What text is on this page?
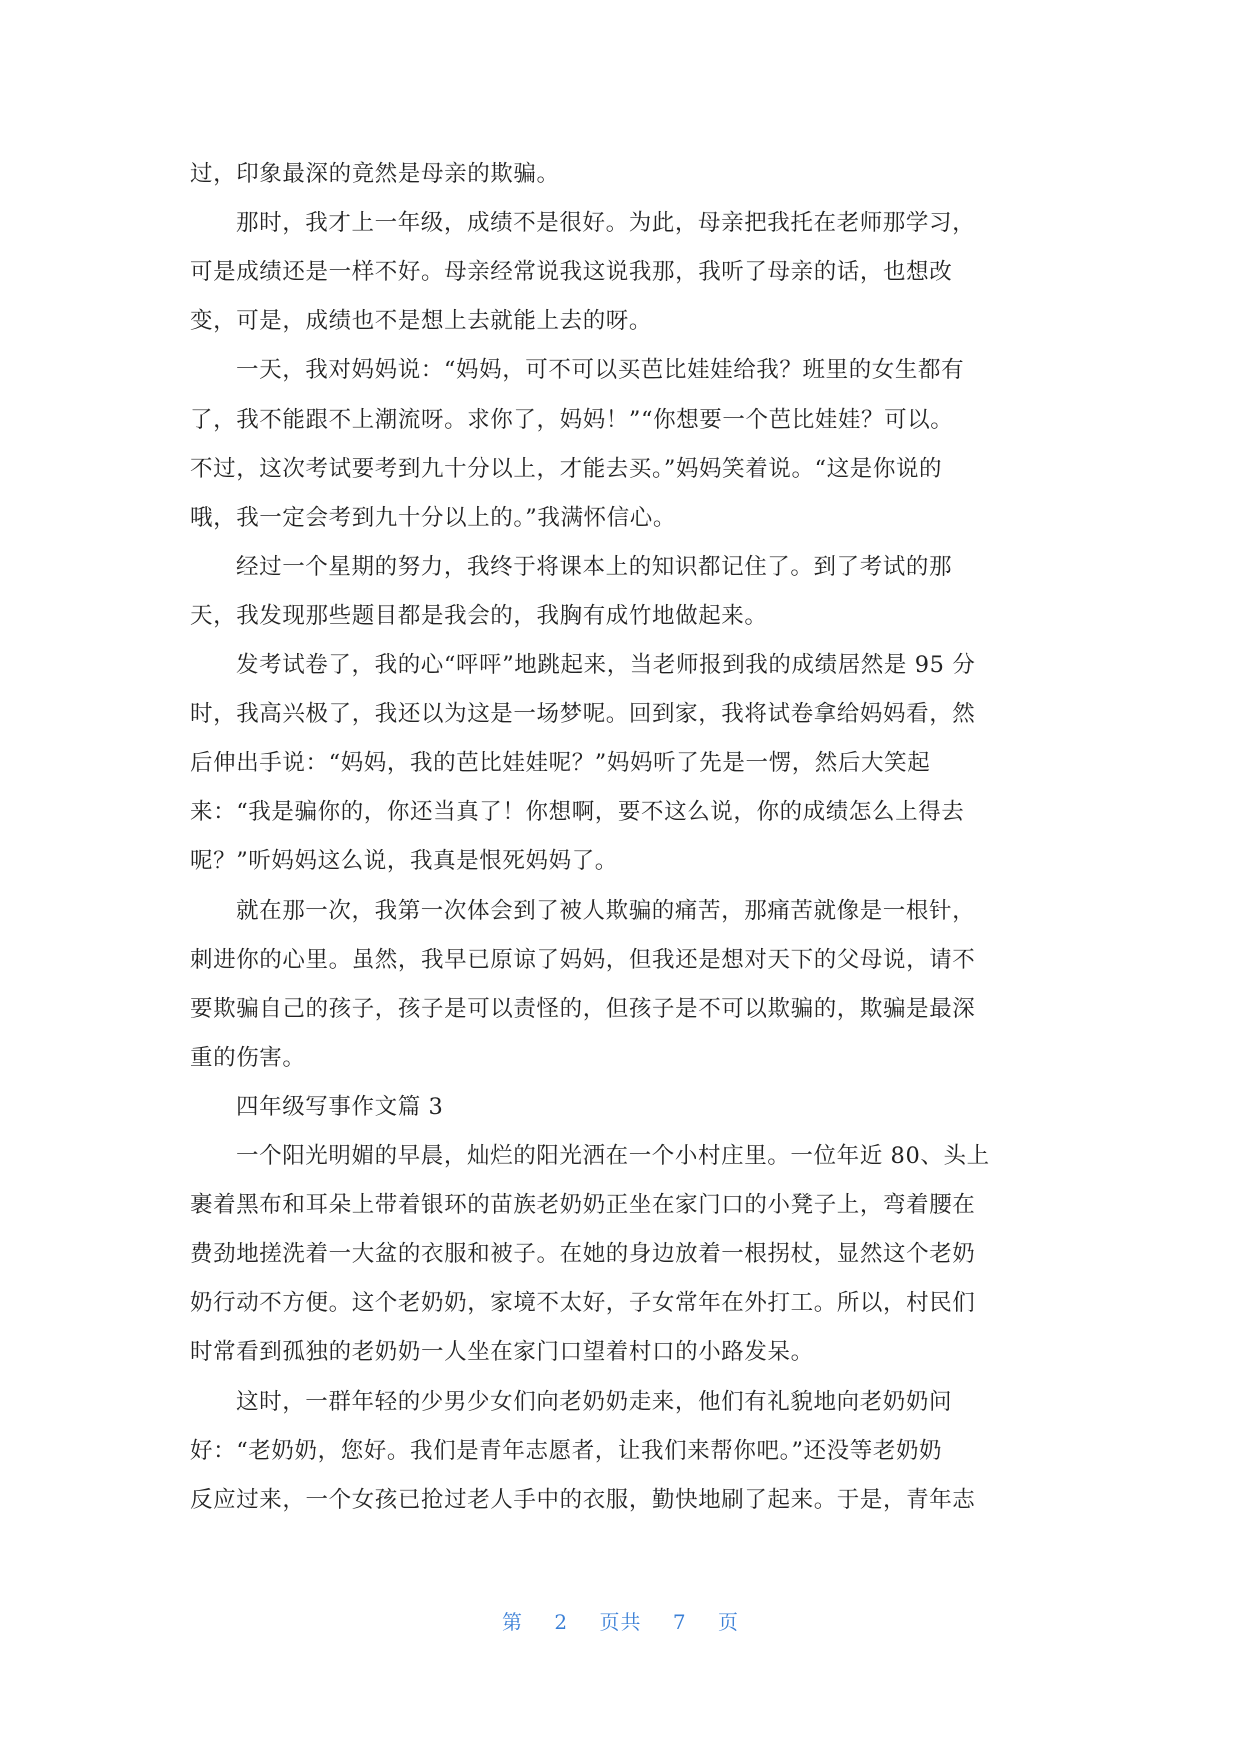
过，印象最深的竟然是母亲的欺骗。
那时，我才上一年级，成绩不是很好。为此，母亲把我托在老师那学习，
可是成绩还是一样不好。母亲经常说我这说我那，我听了母亲的话，也想改
变，可是，成绩也不是想上去就能上去的呀。
一天，我对妈妈说：“妈妈，可不可以买芭比娃娃给我？班里的女生都有
了，我不能跟不上潮流呀。求你了，妈妈！”“你想要一个芭比娃娃？可以。
不过，这次考试要考到九十分以上，才能去买。”妈妈笑着说。“这是你说的
哦，我一定会考到九十分以上的。”我满怀信心。
经过一个星期的努力，我终于将课本上的知识都记住了。到了考试的那
天，我发现那些题目都是我会的，我胸有成竹地做起来。
发考试卷了，我的心“呯呯”地跳起来，当老师报到我的成绩居然是 95 分
时，我高兴极了，我还以为这是一场梦呢。回到家，我将试卷拿给妈妈看，然
后伸出手说：“妈妈，我的芭比娃娃呢？”妈妈听了先是一愣，然后大笑起
来：“我是骗你的，你还当真了！你想啊，要不这么说，你的成绩怎么上得去
呢？”听妈妈这么说，我真是恨死妈妈了。
就在那一次，我第一次体会到了被人欺骗的痛苦，那痛苦就像是一根针，
刺进你的心里。虽然，我早已原谅了妈妈，但我还是想对天下的父母说，请不
要欺骗自己的孩子，孩子是可以责怪的，但孩子是不可以欺骗的，欺骗是最深
重的伤害。
四年级写事作文篇 3
一个阳光明媚的早晨，灿烂的阳光洒在一个小村庄里。一位年近 80、头上
裹着黑布和耳朵上带着银环的苗族老奶奶正坐在家门口的小凳子上，弯着腰在
费劲地搓洗着一大盆的衣服和被子。在她的身边放着一根拐杖，显然这个老奶
奶行动不方便。这个老奶奶，家境不太好，子女常年在外打工。所以，村民们
时常看到孤独的老奶奶一人坐在家门口望着村口的小路发呆。
这时，一群年轻的少男少女们向老奶奶走来，他们有礼貌地向老奶奶问
好：“老奶奶，您好。我们是青年志愿者，让我们来帮你吧。”还没等老奶奶
反应过来，一个女孩已抢过老人手中的衣服，勤快地刷了起来。于是，青年志
第 2 页共 7 页
